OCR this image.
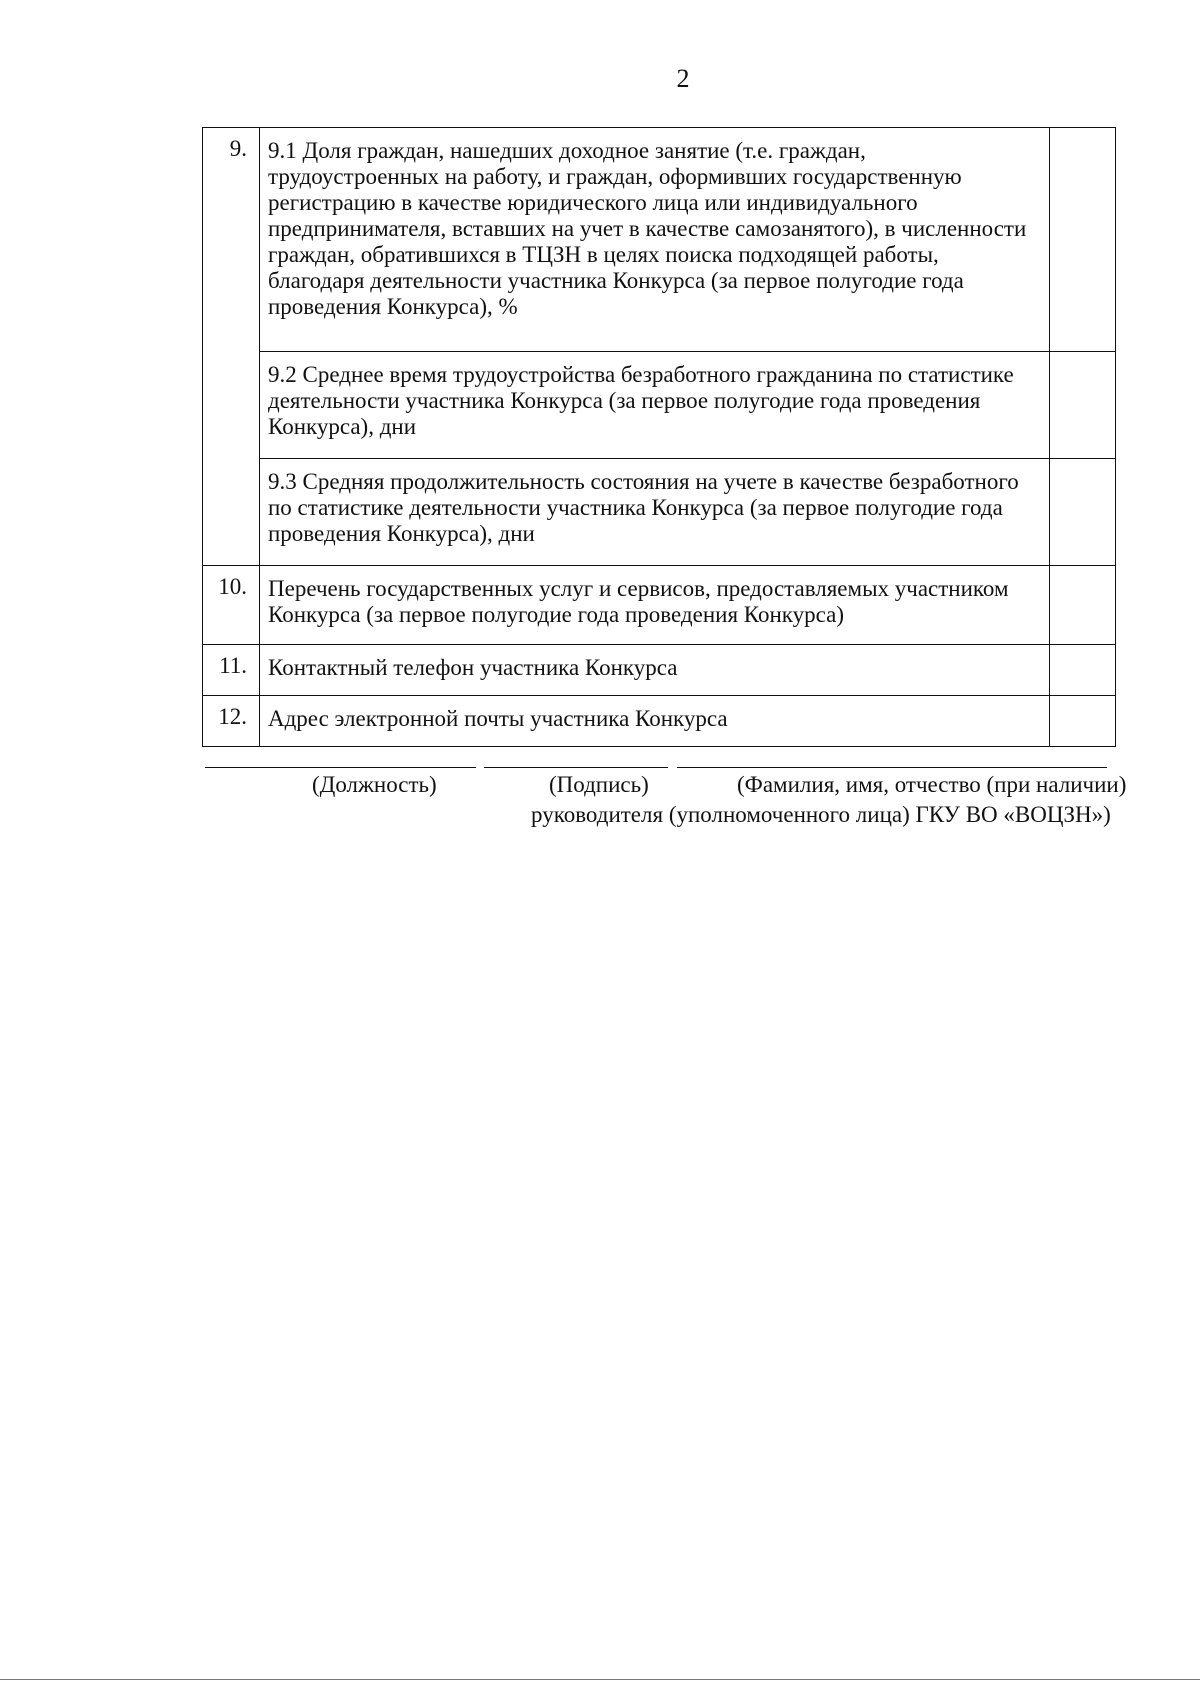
2
9.	9.1 Доля граждан, нашедших доходное занятие (т.е. граждан, трудоустроенных на работу, и граждан, оформивших государственную регистрацию в качестве юридического лица или индивидуального предпринимателя, вставших на учет в качестве самозанятого), в численности граждан, обратившихся в ТЦЗН в целях поиска подходящей работы, благодаря деятельности участника Конкурса (за первое полугодие года проведения Конкурса), %	
	9.2 Среднее время трудоустройства безработного гражданина по статистике деятельности участника Конкурса (за первое полугодие года проведения Конкурса), дни	
	9.3 Средняя продолжительность состояния на учете в качестве безработного по статистике деятельности участника Конкурса (за первое полугодие года проведения Конкурса), дни	
10.	Перечень государственных услуг и сервисов, предоставляемых участником Конкурса (за первое полугодие года проведения Конкурса)	
11.	Контактный телефон участника Конкурса	
12.	Адрес электронной почты участника Конкурса	
(Должность)	(Подпись)	(Фамилия, имя, отчество (при наличии)
руководителя (уполномоченного лица) ГКУ ВО «ВОЦЗН»)
